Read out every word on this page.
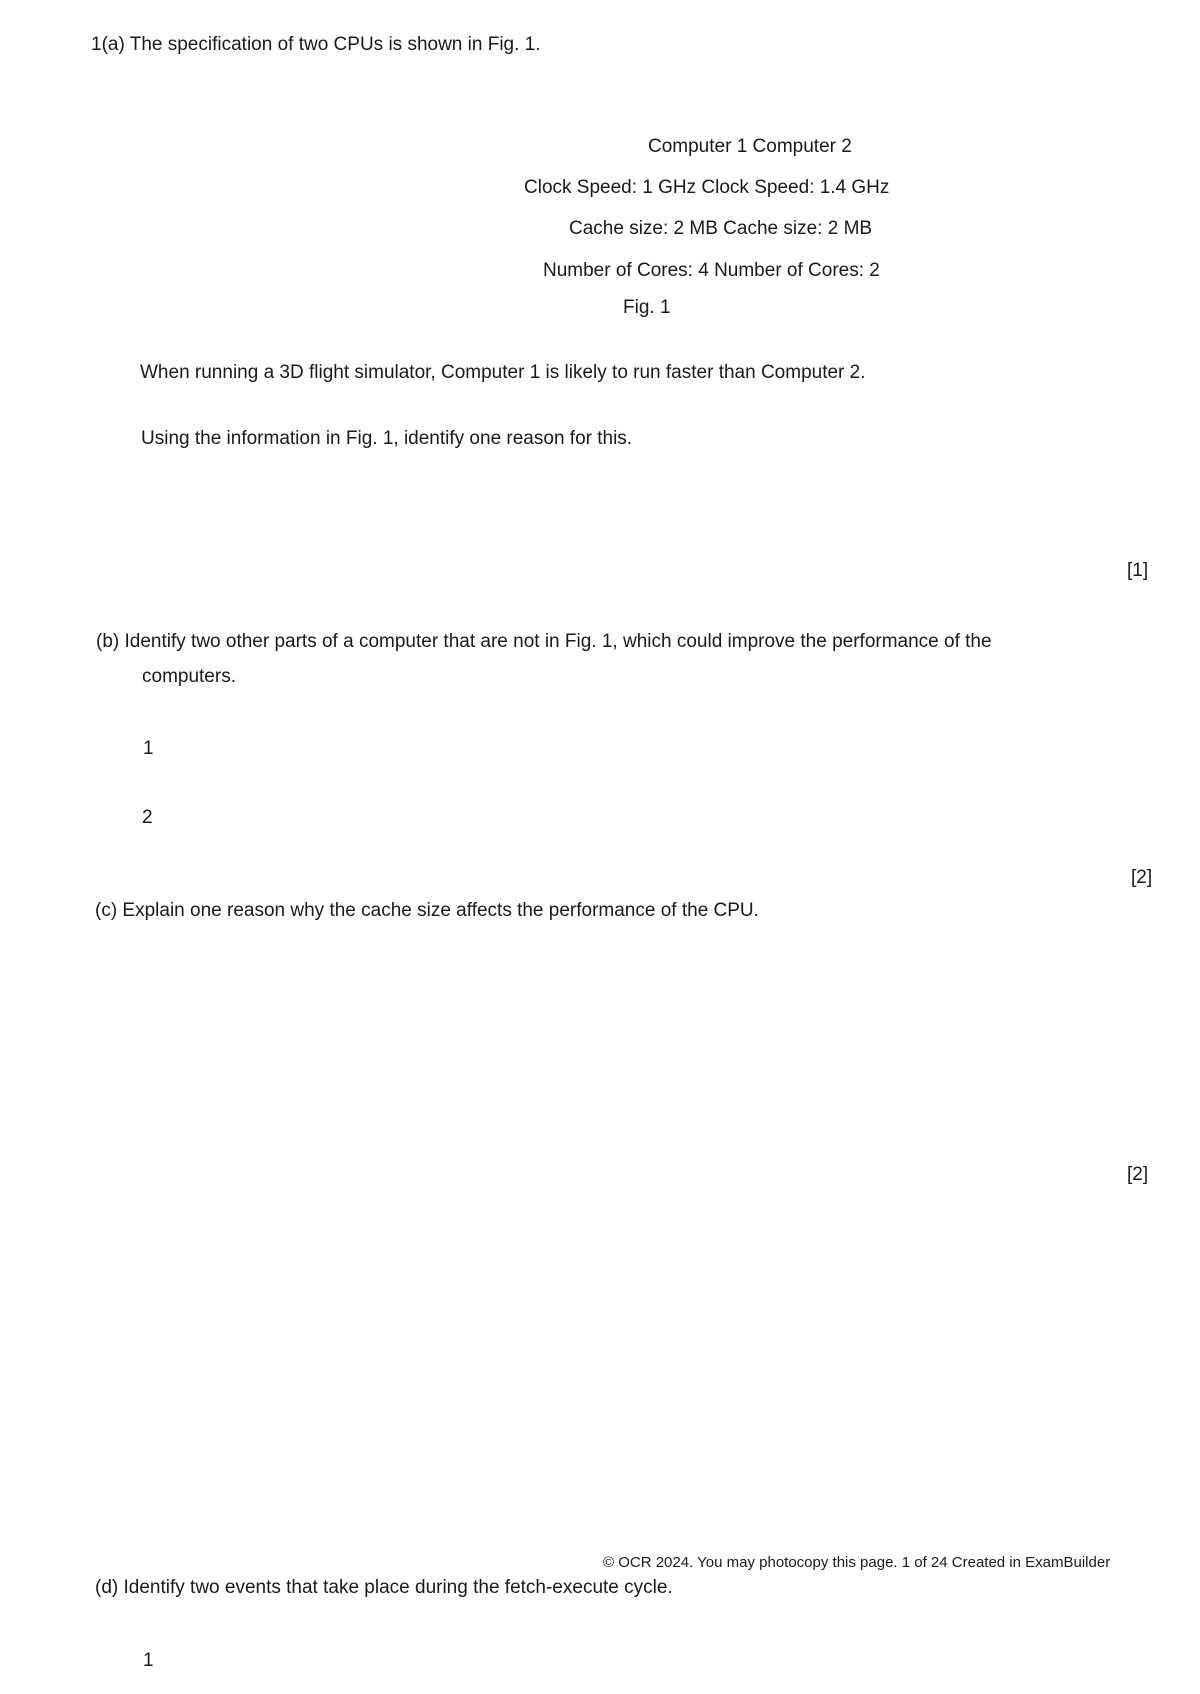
1(a) The specification of two CPUs is shown in Fig. 1.
Computer 1 Computer 2
Clock Speed: 1 GHz Clock Speed: 1.4 GHz
Cache size: 2 MB Cache size: 2 MB
Number of Cores: 4 Number of Cores: 2
Fig. 1
When running a 3D flight simulator, Computer 1 is likely to run faster than Computer 2.
Using the information in Fig. 1, identify one reason for this.
[1]
(b) Identify two other parts of a computer that are not in Fig. 1, which could improve the performance of the
computers.
1
2
[2]
(c) Explain one reason why the cache size affects the performance of the CPU.
[2]
© OCR 2024. You may photocopy this page. 1 of 24 Created in ExamBuilder
(d) Identify two events that take place during the fetch-execute cycle.
1
